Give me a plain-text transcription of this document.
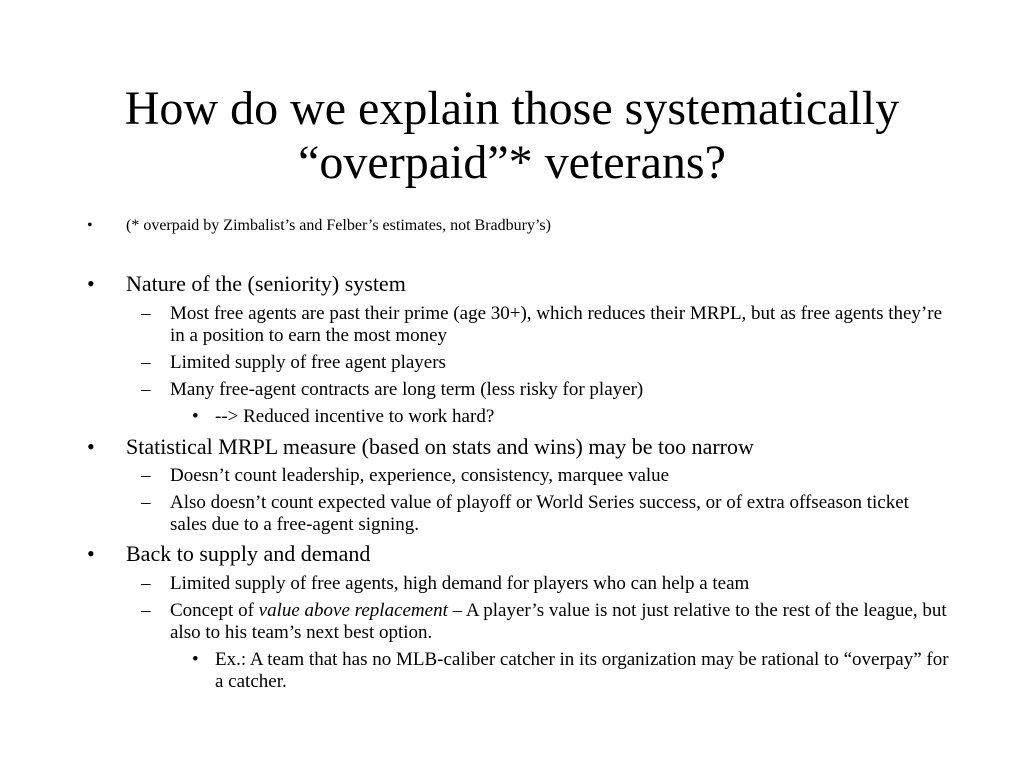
How do we explain those systematically
“overpaid”* veterans?
• (* overpaid by Zimbalist’s and Felber’s estimates, not Bradbury’s)
• Nature of the (seniority) system
– Most free agents are past their prime (age 30+), which reduces their MRPL, but as free agents they’re in a position to earn the most money
– Limited supply of free agent players
– Many free-agent contracts are long term (less risky for player)
• --> Reduced incentive to work hard?
• Statistical MRPL measure (based on stats and wins) may be too narrow
– Doesn’t count leadership, experience, consistency, marquee value
– Also doesn’t count expected value of playoff or World Series success, or of extra offseason ticket sales due to a free-agent signing.
• Back to supply and demand
– Limited supply of free agents, high demand for players who can help a team
– Concept of value above replacement – A player’s value is not just relative to the rest of the league, but also to his team’s next best option.
• Ex.: A team that has no MLB-caliber catcher in its organization may be rational to “overpay” for a catcher.
